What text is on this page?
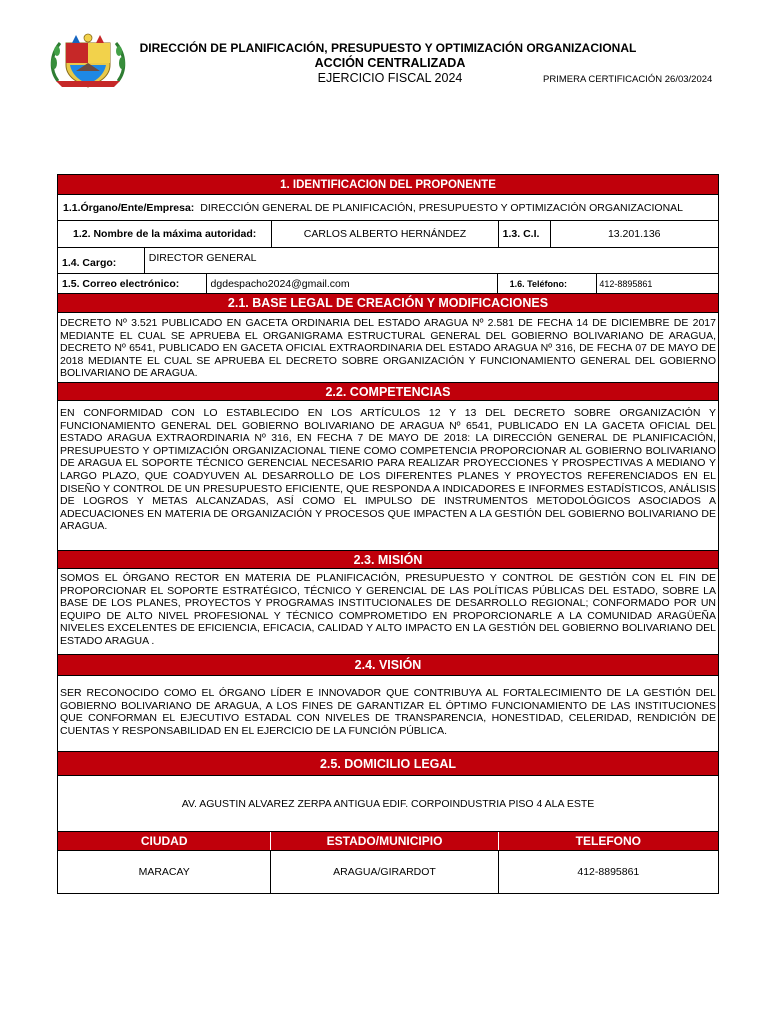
DIRECCIÓN DE PLANIFICACIÓN, PRESUPUESTO Y OPTIMIZACIÓN ORGANIZACIONAL
ACCIÓN CENTRALIZADA
EJERCICIO FISCAL 2024	PRIMERA CERTIFICACIÓN 26/03/2024
1. IDENTIFICACION DEL PROPONENTE
1.1.Órgano/Ente/Empresa: DIRECCIÓN GENERAL DE PLANIFICACIÓN, PRESUPUESTO Y OPTIMIZACIÓN ORGANIZACIONAL
1.2. Nombre de la máxima autoridad:	CARLOS ALBERTO HERNÁNDEZ	1.3. C.I.	13.201.136
1.4. Cargo:	DIRECTOR GENERAL
1.5. Correo electrónico:	dgdespacho2024@gmail.com	1.6. Teléfono:	412-8895861
2.1. BASE LEGAL DE CREACIÓN Y MODIFICACIONES
DECRETO Nº 3.521 PUBLICADO EN GACETA ORDINARIA DEL ESTADO ARAGUA Nº 2.581 DE FECHA 14 DE DICIEMBRE DE 2017 MEDIANTE EL CUAL SE APRUEBA EL ORGANIGRAMA ESTRUCTURAL GENERAL DEL GOBIERNO BOLIVARIANO DE ARAGUA, DECRETO Nº 6541, PUBLICADO EN GACETA OFICIAL EXTRAORDINARIA DEL ESTADO ARAGUA Nº 316, DE FECHA 07 DE MAYO DE 2018 MEDIANTE EL CUAL SE APRUEBA EL DECRETO SOBRE ORGANIZACIÓN Y FUNCIONAMIENTO GENERAL DEL GOBIERNO BOLIVARIANO DE ARAGUA.
2.2. COMPETENCIAS
EN CONFORMIDAD CON LO ESTABLECIDO EN LOS ARTÍCULOS 12 Y 13 DEL DECRETO SOBRE ORGANIZACIÓN Y FUNCIONAMIENTO GENERAL DEL GOBIERNO BOLIVARIANO DE ARAGUA Nº 6541, PUBLICADO EN LA GACETA OFICIAL DEL ESTADO ARAGUA EXTRAORDINARIA Nº 316, EN FECHA 7 DE MAYO DE 2018: LA DIRECCIÓN GENERAL DE PLANIFICACIÓN, PRESUPUESTO Y OPTIMIZACIÓN ORGANIZACIONAL TIENE COMO COMPETENCIA PROPORCIONAR AL GOBIERNO BOLIVARIANO DE ARAGUA EL SOPORTE TÉCNICO GERENCIAL NECESARIO PARA REALIZAR PROYECCIONES Y PROSPECTIVAS A MEDIANO Y LARGO PLAZO, QUE COADYUVEN AL DESARROLLO DE LOS DIFERENTES PLANES Y PROYECTOS REFERENCIADOS EN EL DISEÑO Y CONTROL DE UN PRESUPUESTO EFICIENTE, QUE RESPONDA A INDICADORES E INFORMES ESTADÍSTICOS, ANÁLISIS DE LOGROS Y METAS ALCANZADAS, ASÍ COMO EL IMPULSO DE INSTRUMENTOS METODOLÓGICOS ASOCIADOS A ADECUACIONES EN MATERIA DE ORGANIZACIÓN Y PROCESOS QUE IMPACTEN A LA GESTIÓN DEL GOBIERNO BOLIVARIANO DE ARAGUA.
2.3. MISIÓN
SOMOS EL ÓRGANO RECTOR EN MATERIA DE PLANIFICACIÓN, PRESUPUESTO Y CONTROL DE GESTIÓN CON EL FIN DE PROPORCIONAR EL SOPORTE ESTRATÉGICO, TÉCNICO Y GERENCIAL DE LAS POLÍTICAS PÚBLICAS DEL ESTADO, SOBRE LA BASE DE LOS PLANES, PROYECTOS Y PROGRAMAS INSTITUCIONALES DE DESARROLLO REGIONAL; CONFORMADO POR UN EQUIPO DE ALTO NIVEL PROFESIONAL Y TÉCNICO COMPROMETIDO EN PROPORCIONARLE A LA COMUNIDAD ARAGÜEÑA NIVELES EXCELENTES DE EFICIENCIA, EFICACIA, CALIDAD Y ALTO IMPACTO EN LA GESTIÓN DEL GOBIERNO BOLIVARIANO DEL ESTADO ARAGUA .
2.4. VISIÓN
SER RECONOCIDO COMO EL ÓRGANO LÍDER E INNOVADOR QUE CONTRIBUYA AL FORTALECIMIENTO DE LA GESTIÓN DEL GOBIERNO BOLIVARIANO DE ARAGUA, A LOS FINES DE GARANTIZAR EL ÓPTIMO FUNCIONAMIENTO DE LAS INSTITUCIONES QUE CONFORMAN EL EJECUTIVO ESTADAL CON NIVELES DE TRANSPARENCIA, HONESTIDAD, CELERIDAD, RENDICIÓN DE CUENTAS Y RESPONSABILIDAD EN EL EJERCICIO DE LA FUNCIÓN PÚBLICA.
2.5. DOMICILIO LEGAL
AV. AGUSTIN ALVAREZ ZERPA ANTIGUA EDIF. CORPOINDUSTRIA PISO 4 ALA ESTE
CIUDAD	ESTADO/MUNICIPIO	TELEFONO
MARACAY	ARAGUA/GIRARDOT	412-8895861
